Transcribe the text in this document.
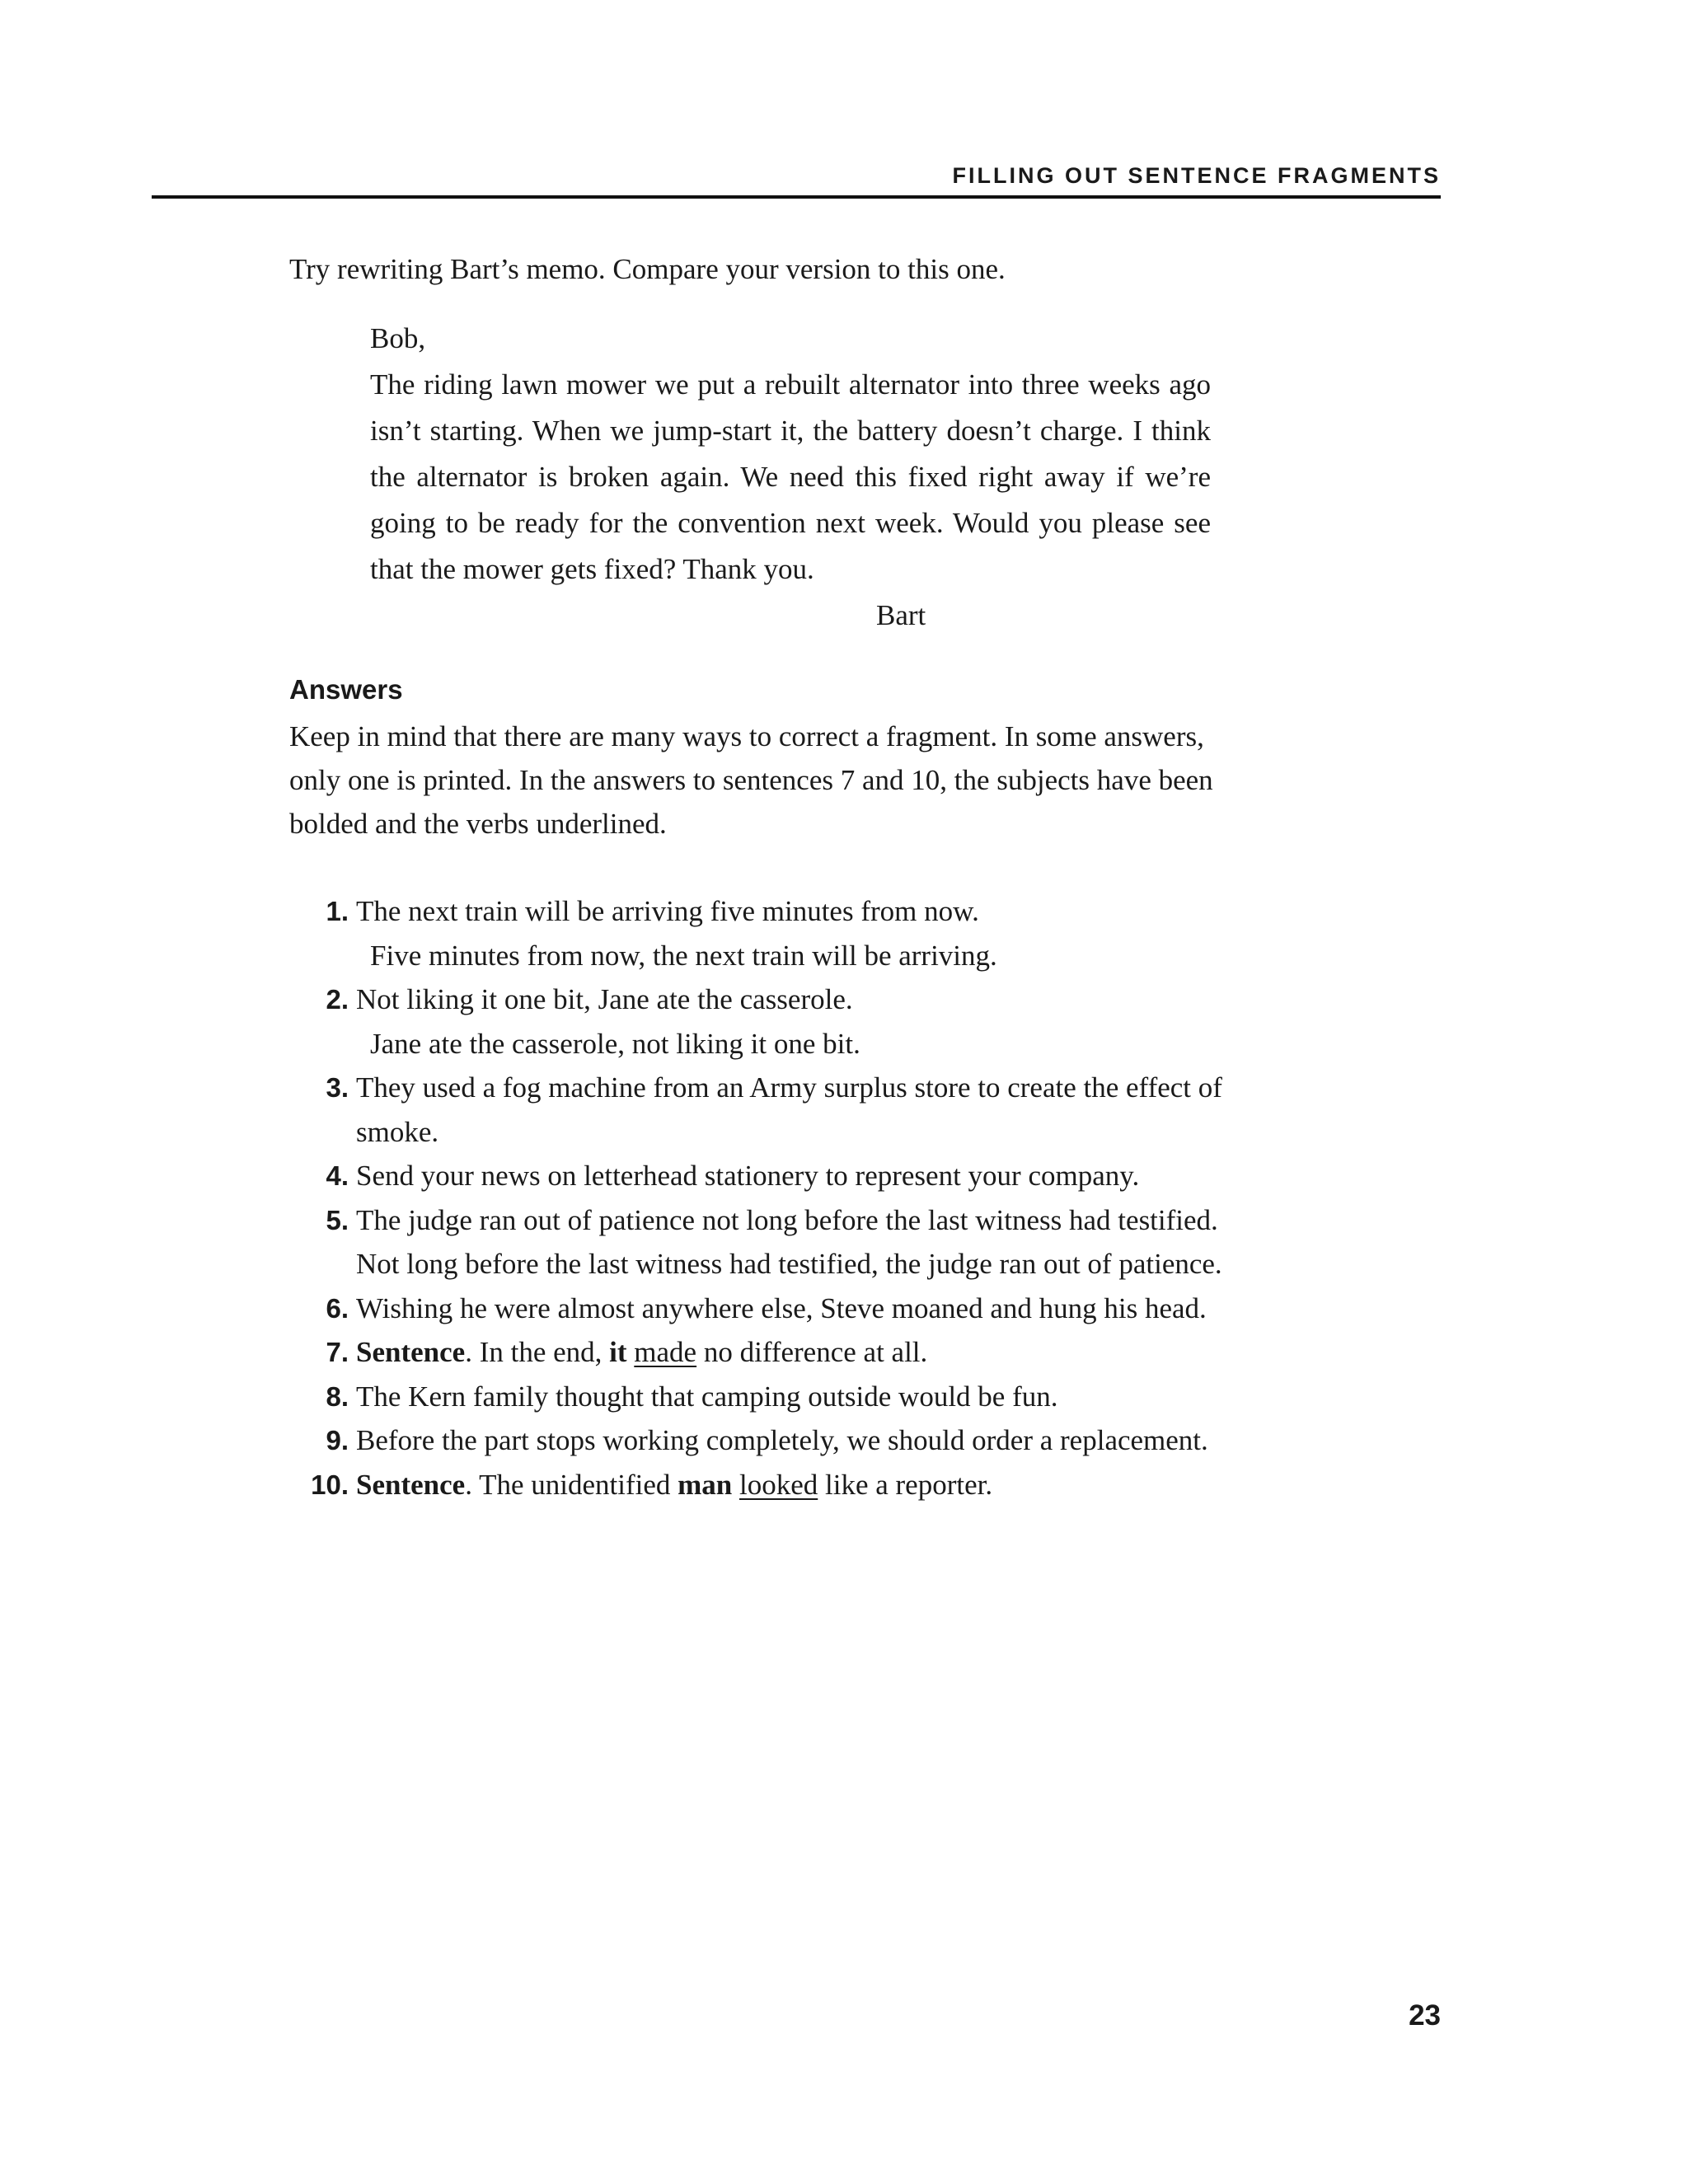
FILLING OUT SENTENCE FRAGMENTS
Try rewriting Bart’s memo. Compare your version to this one.

Bob,

The riding lawn mower we put a rebuilt alternator into three weeks ago isn’t starting. When we jump-start it, the battery doesn’t charge. I think the alternator is broken again. We need this fixed right away if we’re going to be ready for the convention next week. Would you please see that the mower gets fixed? Thank you.

Bart

Answers
Keep in mind that there are many ways to correct a fragment. In some answers, only one is printed. In the answers to sentences 7 and 10, the subjects have been bolded and the verbs underlined.
1. The next train will be arriving five minutes from now.
Five minutes from now, the next train will be arriving.
2. Not liking it one bit, Jane ate the casserole.
Jane ate the casserole, not liking it one bit.
3. They used a fog machine from an Army surplus store to create the effect of smoke.
4. Send your news on letterhead stationery to represent your company.
5. The judge ran out of patience not long before the last witness had testified.
Not long before the last witness had testified, the judge ran out of patience.
6. Wishing he were almost anywhere else, Steve moaned and hung his head.
7. Sentence. In the end, it made no difference at all.
8. The Kern family thought that camping outside would be fun.
9. Before the part stops working completely, we should order a replacement.
10. Sentence. The unidentified man looked like a reporter.
23
